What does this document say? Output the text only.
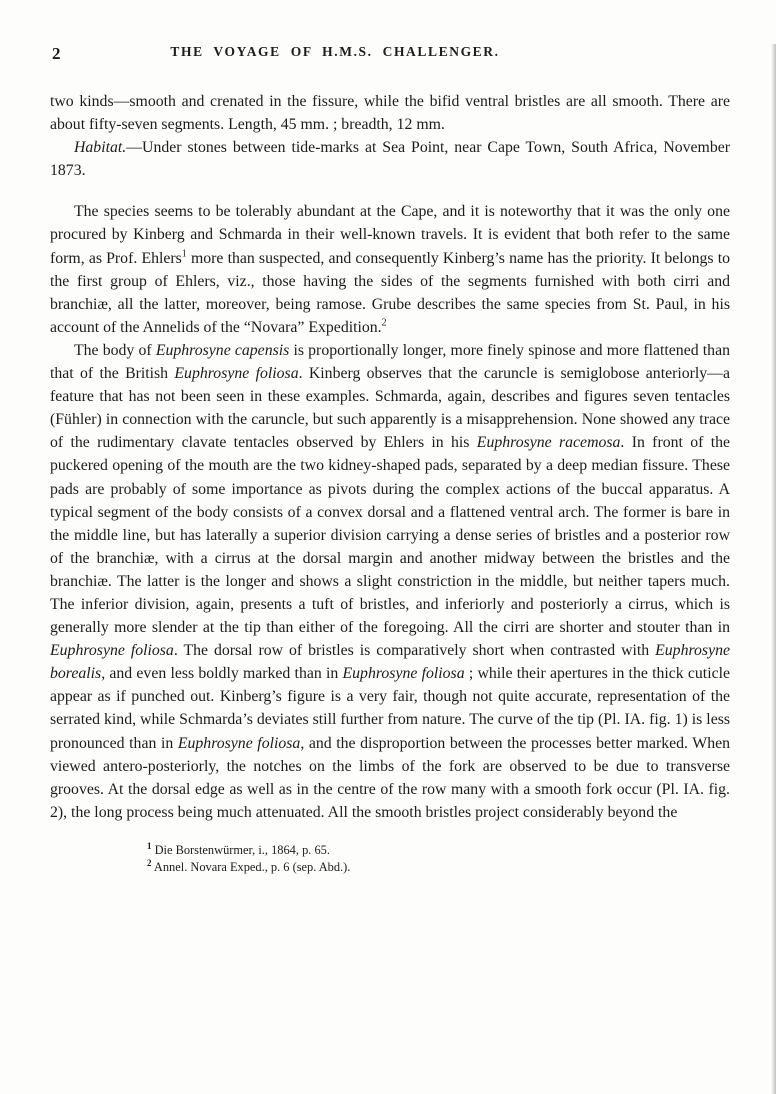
2	THE VOYAGE OF H.M.S. CHALLENGER.

two kinds—smooth and crenated in the fissure, while the bifid ventral bristles are all smooth. There are about fifty-seven segments. Length, 45 mm. ; breadth, 12 mm.

Habitat.—Under stones between tide-marks at Sea Point, near Cape Town, South Africa, November 1873.

The species seems to be tolerably abundant at the Cape, and it is noteworthy that it was the only one procured by Kinberg and Schmarda in their well-known travels. It is evident that both refer to the same form, as Prof. Ehlers$^1$ more than suspected, and consequently Kinberg’s name has the priority. It belongs to the first group of Ehlers, viz., those having the sides of the segments furnished with both cirri and branchiæ, all the latter, moreover, being ramose. Grube describes the same species from St. Paul, in his account of the Annelids of the “Novara” Expedition.$^2$

The body of Euphrosyne capensis is proportionally longer, more finely spinose and more flattened than that of the British Euphrosyne foliosa. Kinberg observes that the caruncle is semiglobose anteriorly—a feature that has not been seen in these examples. Schmarda, again, describes and figures seven tentacles (Fühler) in connection with the caruncle, but such apparently is a misapprehension. None showed any trace of the rudimentary clavate tentacles observed by Ehlers in his Euphrosyne racemosa. In front of the puckered opening of the mouth are the two kidney-shaped pads, separated by a deep median fissure. These pads are probably of some importance as pivots during the complex actions of the buccal apparatus. A typical segment of the body consists of a convex dorsal and a flattened ventral arch. The former is bare in the middle line, but has laterally a superior division carrying a dense series of bristles and a posterior row of the branchiæ, with a cirrus at the dorsal margin and another midway between the bristles and the branchiæ. The latter is the longer and shows a slight constriction in the middle, but neither tapers much. The inferior division, again, presents a tuft of bristles, and inferiorly and posteriorly a cirrus, which is generally more slender at the tip than either of the foregoing. All the cirri are shorter and stouter than in Euphrosyne foliosa. The dorsal row of bristles is comparatively short when contrasted with Euphrosyne borealis, and even less boldly marked than in Euphrosyne foliosa ; while their apertures in the thick cuticle appear as if punched out. Kinberg’s figure is a very fair, though not quite accurate, representation of the serrated kind, while Schmarda’s deviates still further from nature. The curve of the tip (Pl. IA. fig. 1) is less pronounced than in Euphrosyne foliosa, and the disproportion between the processes better marked. When viewed antero-posteriorly, the notches on the limbs of the fork are observed to be due to transverse grooves. At the dorsal edge as well as in the centre of the row many with a smooth fork occur (Pl. IA. fig. 2), the long process being much attenuated. All the smooth bristles project considerably beyond the

$^1$ Die Borstenwürmer, i., 1864, p. 65.
$^2$ Annel. Novara Exped., p. 6 (sep. Abd.).
